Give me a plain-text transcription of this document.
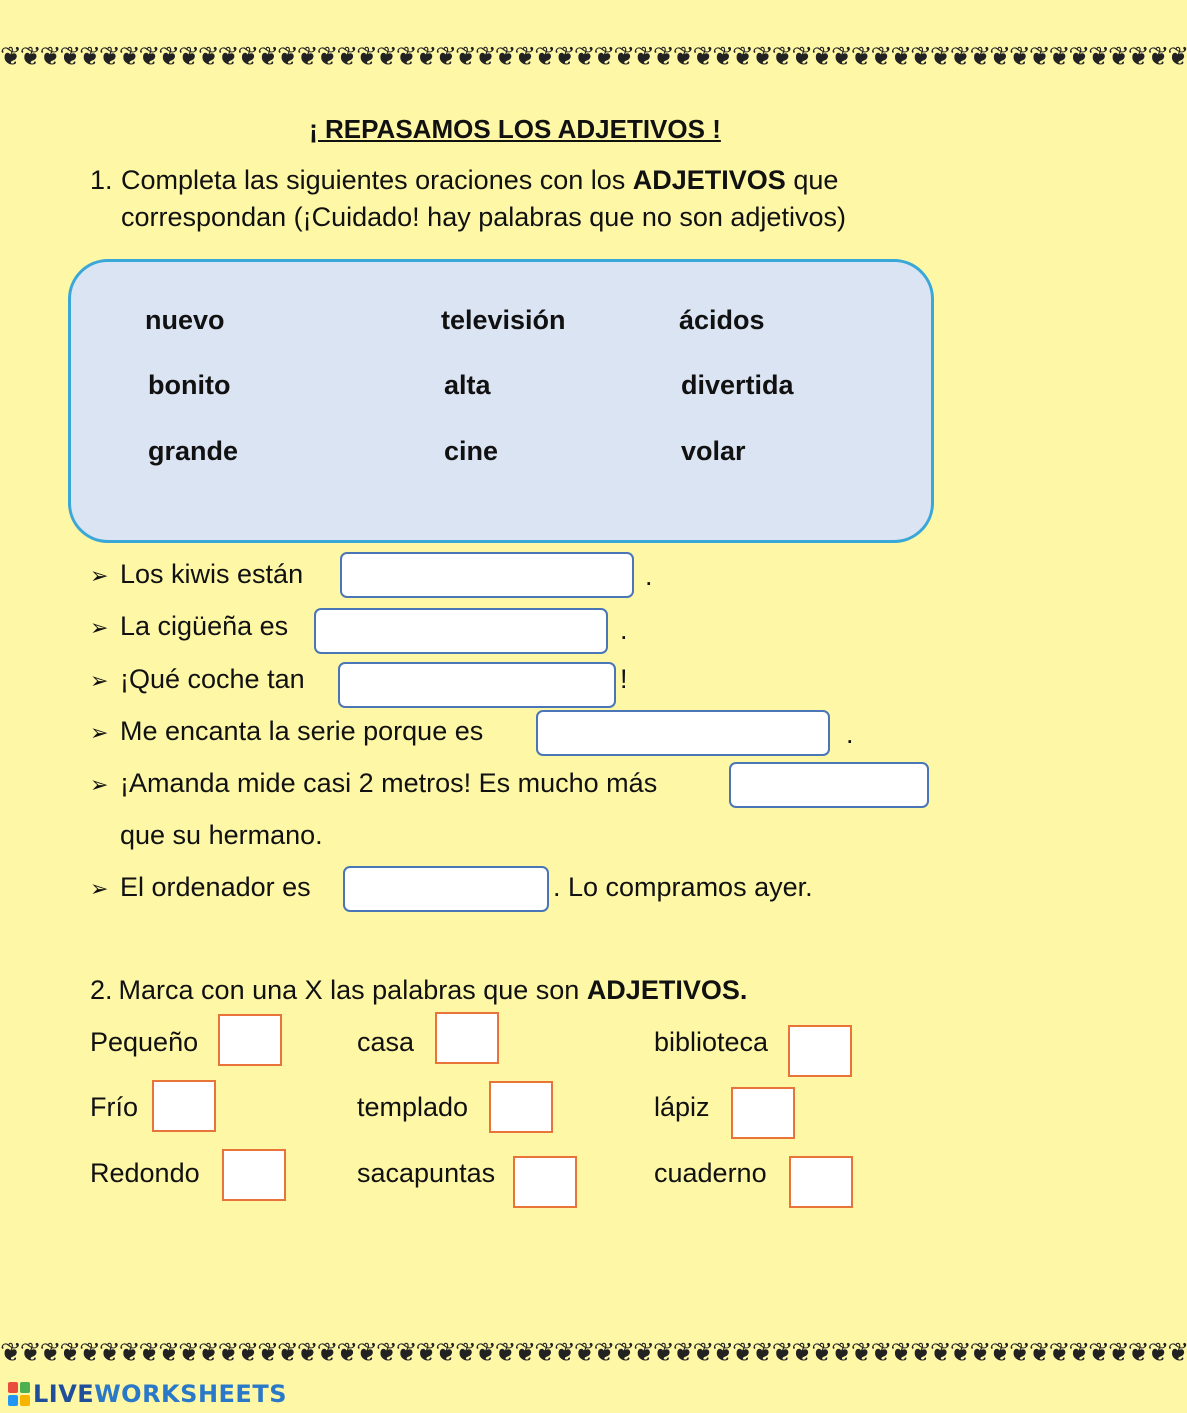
❦❦❦❦❦❦❦❦❦❦❦❦❦❦❦❦❦❦❦❦❦❦❦❦❦❦❦❦❦❦❦❦❦❦❦❦❦❦❦❦❦❦❦❦❦❦❦❦❦❦❦❦❦❦❦❦❦❦❦❦
¡ REPASAMOS LOS ADJETIVOS !
1. Completa las siguientes oraciones con los ADJETIVOS que correspondan (¡Cuidado! hay palabras que no son adjetivos)
nuevo	televisión	ácidos
bonito	alta	divertida
grande	cine	volar
➢ Los kiwis están	.
➢ La cigüeña es	.
➢ ¡Qué coche tan	!
➢ Me encanta la serie porque es	.
➢ ¡Amanda mide casi 2 metros! Es mucho más
que su hermano.
➢ El ordenador es	. Lo compramos ayer.
2. Marca con una X las palabras que son ADJETIVOS.
Pequeño	casa	biblioteca
Frío	templado	lápiz
Redondo	sacapuntas	cuaderno
❦❦❦❦❦❦❦❦❦❦❦❦❦❦❦❦❦❦❦❦❦❦❦❦❦❦❦❦❦❦❦❦❦❦❦❦❦❦❦❦❦❦❦❦❦❦❦❦❦❦❦❦❦❦❦❦❦❦❦❦
LIVEWORKSHEETS
